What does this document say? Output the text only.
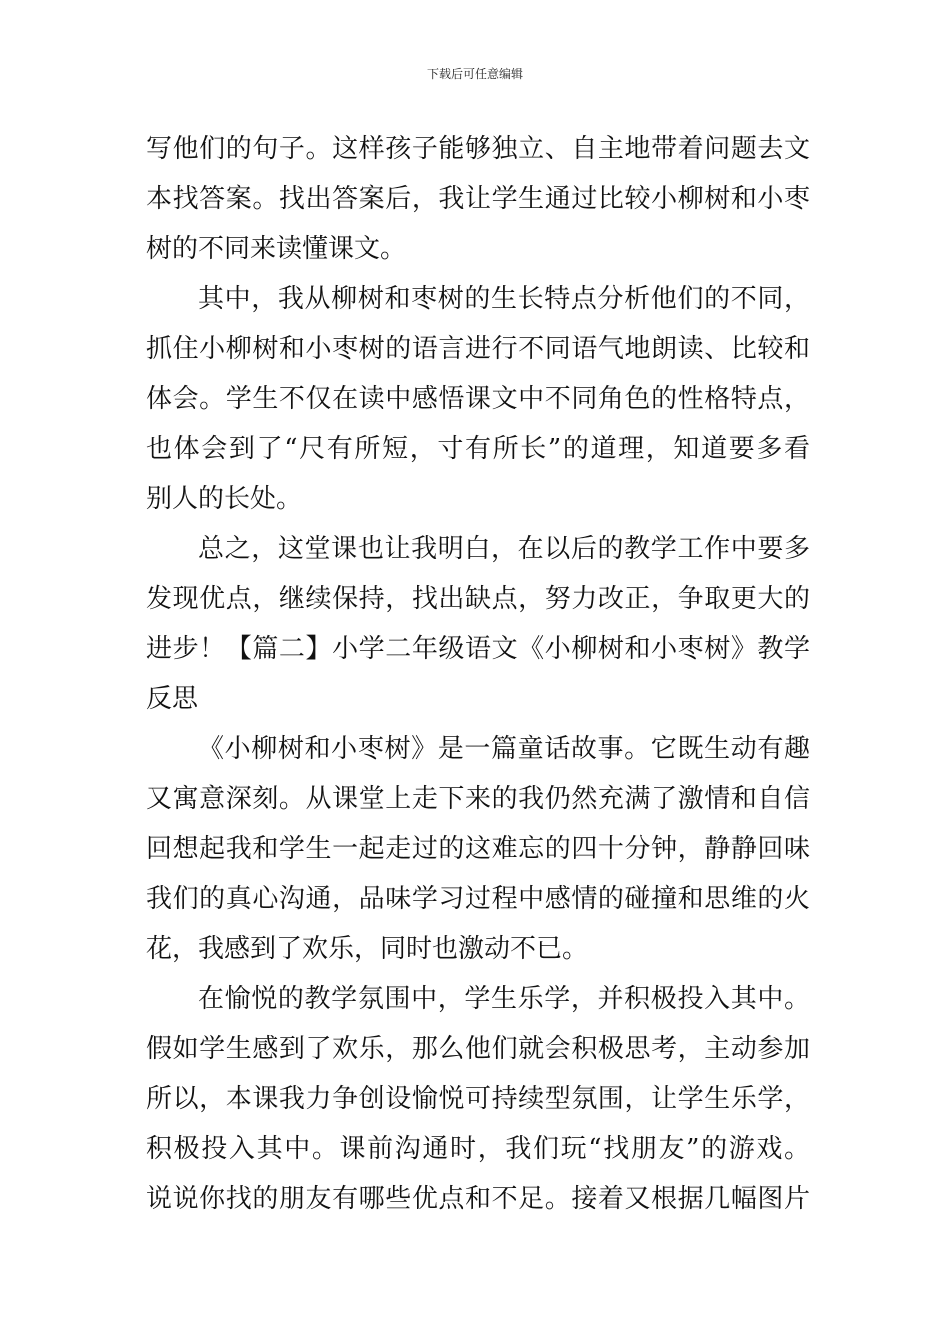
下载后可任意编辑
写他们的句子。这样孩子能够独立、自主地带着问题去文
本找答案。找出答案后，我让学生通过比较小柳树和小枣
树的不同来读懂课文。
其中，我从柳树和枣树的生长特点分析他们的不同，
抓住小柳树和小枣树的语言进行不同语气地朗读、比较和
体会。学生不仅在读中感悟课文中不同角色的性格特点，
也体会到了“尺有所短，寸有所长”的道理，知道要多看
别人的长处。
总之，这堂课也让我明白，在以后的教学工作中要多
发现优点，继续保持，找出缺点，努力改正，争取更大的
进步！【篇二】小学二年级语文《小柳树和小枣树》教学
反思
《小柳树和小枣树》是一篇童话故事。它既生动有趣
又寓意深刻。从课堂上走下来的我仍然充满了激情和自信
回想起我和学生一起走过的这难忘的四十分钟，静静回味
我们的真心沟通，品味学习过程中感情的碰撞和思维的火
花，我感到了欢乐，同时也激动不已。
在愉悦的教学氛围中，学生乐学，并积极投入其中。
假如学生感到了欢乐，那么他们就会积极思考，主动参加
所以，本课我力争创设愉悦可持续型氛围，让学生乐学，
积极投入其中。课前沟通时，我们玩“找朋友”的游戏。
说说你找的朋友有哪些优点和不足。接着又根据几幅图片
